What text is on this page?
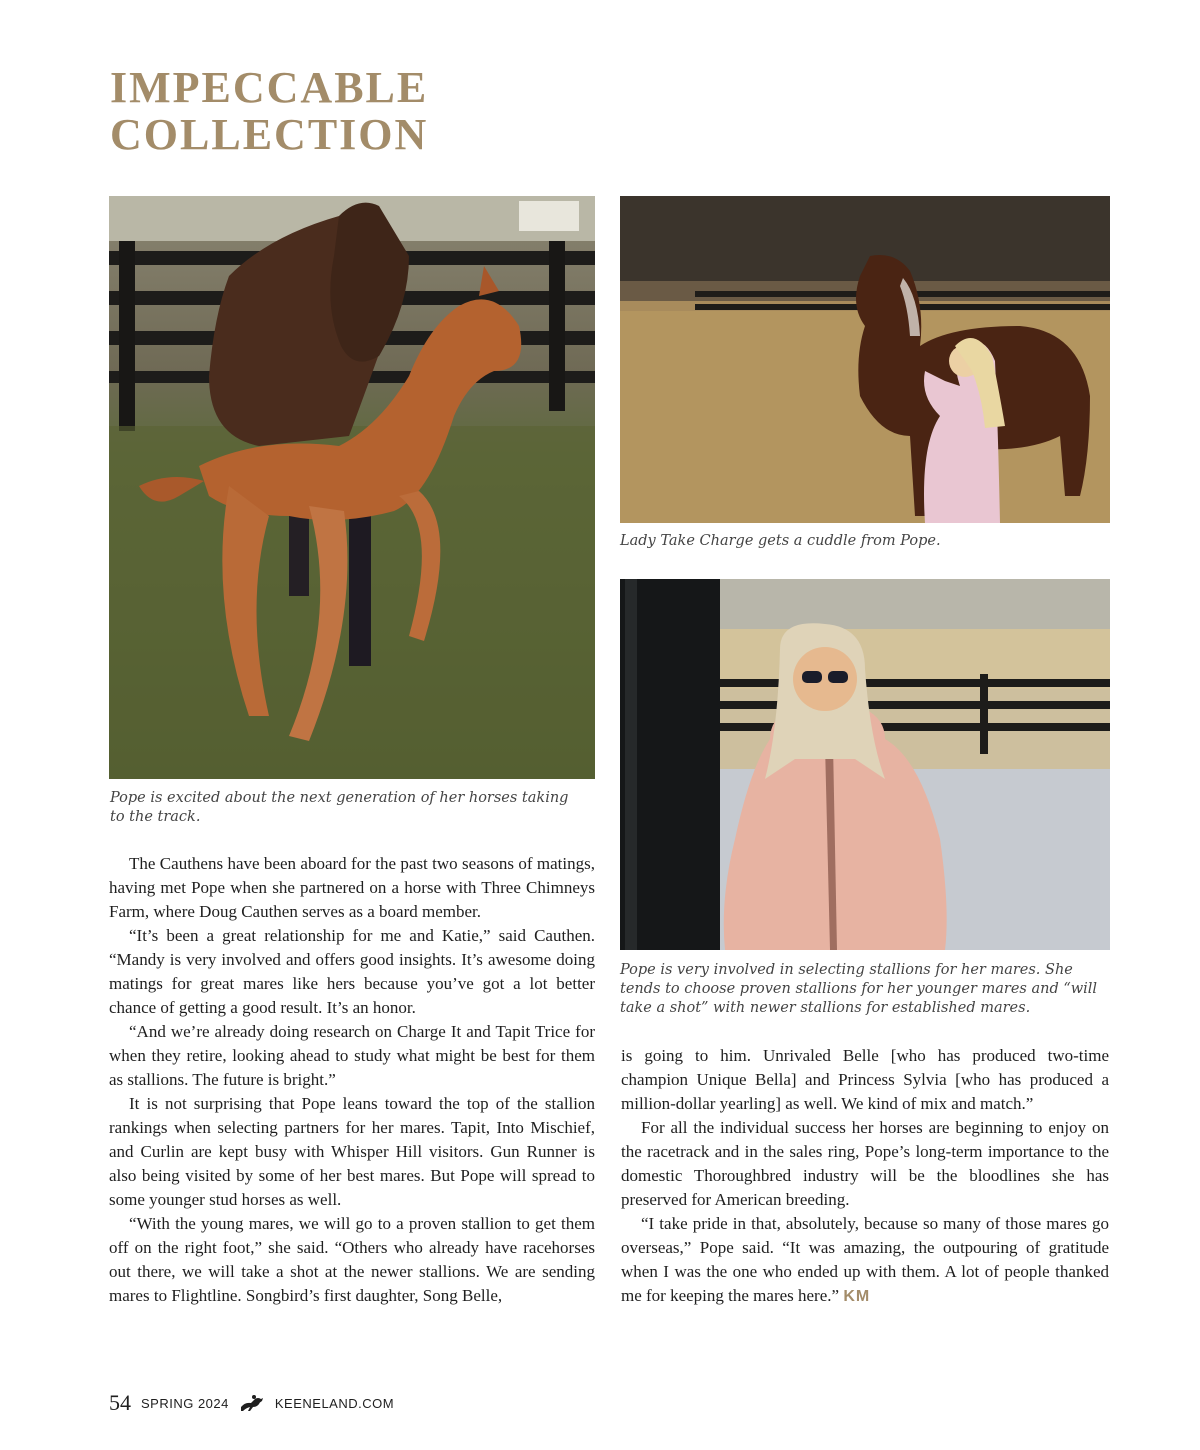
IMPECCABLE
COLLECTION
Pope is excited about the next generation of her horses taking to the track.
Lady Take Charge gets a cuddle from Pope.
Pope is very involved in selecting stallions for her mares. She tends to choose proven stallions for her younger mares and “will take a shot” with newer stallions for established mares.

The Cauthens have been aboard for the past two seasons of matings, having met Pope when she partnered on a horse with Three Chimneys Farm, where Doug Cauthen serves as a board member.

“It’s been a great relationship for me and Katie,” said Cauthen. “Mandy is very involved and offers good insights. It’s awesome doing matings for great mares like hers because you’ve got a lot better chance of getting a good result. It’s an honor.

“And we’re already doing research on Charge It and Tapit Trice for when they retire, looking ahead to study what might be best for them as stallions. The future is bright.”

It is not surprising that Pope leans toward the top of the stallion rankings when selecting partners for her mares. Tapit, Into Mischief, and Curlin are kept busy with Whisper Hill visitors. Gun Runner is also being visited by some of her best mares. But Pope will spread to some younger stud horses as well.

“With the young mares, we will go to a proven stallion to get them off on the right foot,” she said. “Others who already have racehorses out there, we will take a shot at the newer stallions. We are sending mares to Flightline. Songbird’s first daughter, Song Belle,

is going to him. Unrivaled Belle [who has produced two-time champion Unique Bella] and Princess Sylvia [who has produced a million-dollar yearling] as well. We kind of mix and match.”

For all the individual success her horses are beginning to enjoy on the racetrack and in the sales ring, Pope’s long-term importance to the domestic Thoroughbred industry will be the bloodlines she has preserved for American breeding.

“I take pride in that, absolutely, because so many of those mares go overseas,” Pope said. “It was amazing, the outpouring of gratitude when I was the one who ended up with them. A lot of people thanked me for keeping the mares here.” KM

54 SPRING 2024	KEENELAND.COM
